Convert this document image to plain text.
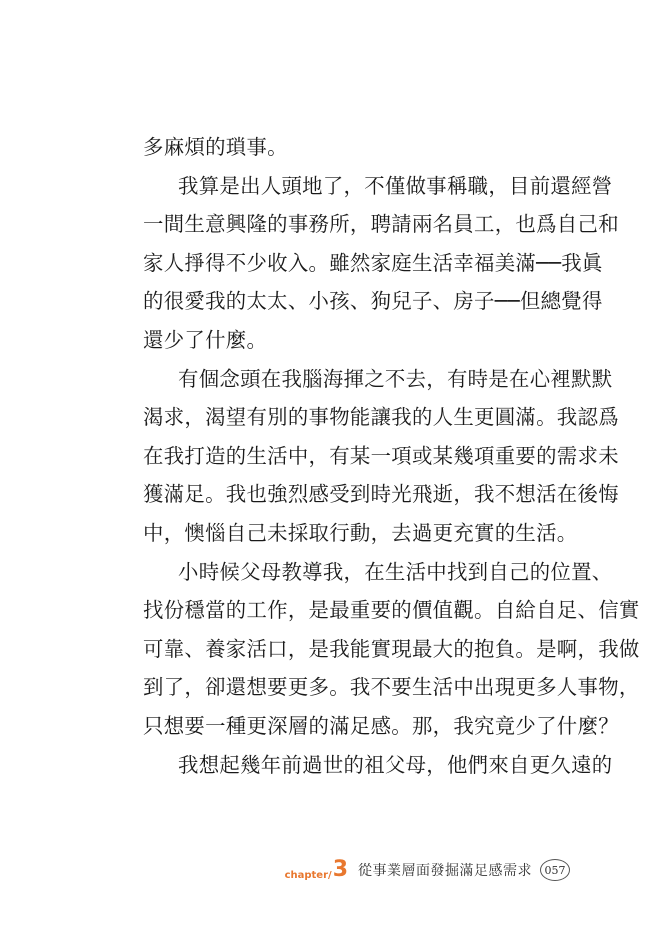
多麻煩的瑣事。
我算是出人頭地了，不僅做事稱職，目前還經營
一間生意興隆的事務所，聘請兩名員工，也爲自己和
家人掙得不少收入。雖然家庭生活幸福美滿──我眞
的很愛我的太太、小孩、狗兒子、房子──但總覺得
還少了什麼。
有個念頭在我腦海揮之不去，有時是在心裡默默
渴求，渴望有別的事物能讓我的人生更圓滿。我認爲
在我打造的生活中，有某一項或某幾項重要的需求未
獲滿足。我也強烈感受到時光飛逝，我不想活在後悔
中，懊惱自己未採取行動，去過更充實的生活。
小時候父母教導我，在生活中找到自己的位置、
找份穩當的工作，是最重要的價值觀。自給自足、信實
可靠、養家活口，是我能實現最大的抱負。是啊，我做
到了，卻還想要更多。我不要生活中出現更多人事物，
只想要一種更深層的滿足感。那，我究竟少了什麼？
我想起幾年前過世的祖父母，他們來自更久遠的
chapter/ 3 從事業層面發掘滿足感需求	057
